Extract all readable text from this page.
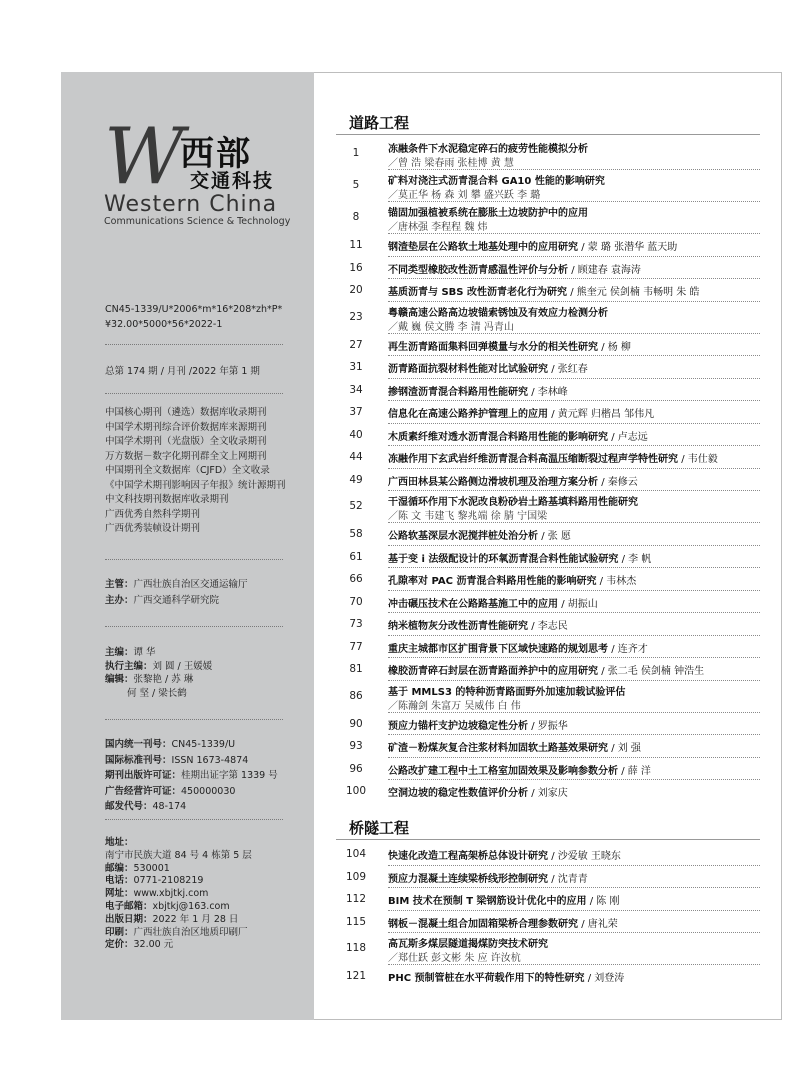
W
西部
交通科技
Western China
Communications Science & Technology
CN45-1339/U*2006*m*16*208*zh*P*
¥32.00*5000*56*2022-1
总第 174 期 / 月刊 /2022 年第 1 期
中国核心期刊（遴选）数据库收录期刊
中国学术期刊综合评价数据库来源期刊
中国学术期刊（光盘版）全文收录期刊
万方数据－数字化期刊群全文上网期刊
中国期刊全文数据库（CJFD）全文收录
《中国学术期刊影响因子年报》统计源期刊
中文科技期刊数据库收录期刊
广西优秀自然科学期刊
广西优秀装帧设计期刊
主管：广西壮族自治区交通运输厅
主办：广西交通科学研究院
主编：谭 华
执行主编：刘 圆 / 王媛媛
编辑：张黎艳 / 苏 琳
何 坚 / 梁长鹤
国内统一刊号：CN45-1339/U
国际标准刊号：ISSN 1673-4874
期刊出版许可证：桂期出证字第 1339 号
广告经营许可证：450000030
邮发代号：48-174
地址：
南宁市民族大道 84 号 4 栋第 5 层
邮编：530001
电话：0771-2108219
网址：www.xbjtkj.com
电子邮箱：xbjtkj@163.com
出版日期：2022 年 1 月 28 日
印刷：广西壮族自治区地质印刷厂
定价：32.00 元
道路工程
1	冻融条件下水泥稳定碎石的疲劳性能模拟分析
／曾 浩 梁春雨 张桂博 黄 慧
5	矿料对浇注式沥青混合料 GA10 性能的影响研究
／莫正华 杨 森 刘 攀 盛兴跃 李 璐
8	锚固加强植被系统在膨胀土边坡防护中的应用
／唐林强 李程程 魏 炜
11	钢渣垫层在公路软土地基处理中的应用研究 / 蒙 璐 张潜华 蓝天助
16	不同类型橡胶改性沥青感温性评价与分析 / 顾建春 袁海涛
20	基质沥青与 SBS 改性沥青老化行为研究 / 熊奎元 侯剑楠 韦畅明 朱 皓
23	粤赣高速公路高边坡锚索锈蚀及有效应力检测分析
／戴 巍 侯文腾 李 清 冯青山
27	再生沥青路面集料回弹模量与水分的相关性研究 / 杨 柳
31	沥青路面抗裂材料性能对比试验研究 / 张红春
34	掺钢渣沥青混合料路用性能研究 / 李林峰
37	信息化在高速公路养护管理上的应用 / 黄元辉 归楷昌 邹伟凡
40	木质素纤维对透水沥青混合料路用性能的影响研究 / 卢志远
44	冻融作用下玄武岩纤维沥青混合料高温压缩断裂过程声学特性研究 / 韦仕毅
49	广西田林县某公路侧边滑坡机理及治理方案分析 / 秦修云
52	干湿循环作用下水泥改良粉砂岩土路基填料路用性能研究
／陈 文 韦建飞 黎兆端 徐 腈 宁国梁
58	公路软基深层水泥搅拌桩处治分析 / 张 愿
61	基于变 i 法级配设计的环氧沥青混合料性能试验研究 / 李 帆
66	孔隙率对 PAC 沥青混合料路用性能的影响研究 / 韦林杰
70	冲击碾压技术在公路路基施工中的应用 / 胡振山
73	纳米植物灰分改性沥青性能研究 / 李志民
77	重庆主城都市区扩围背景下区域快速路的规划思考 / 连齐才
81	橡胶沥青碎石封层在沥青路面养护中的应用研究 / 张二毛 侯剑楠 钟浩生
86	基于 MMLS3 的特种沥青路面野外加速加载试验评估
／陈瀚剑 朱富万 吴威伟 白 伟
90	预应力锚杆支护边坡稳定性分析 / 罗振华
93	矿渣－粉煤灰复合注浆材料加固软土路基效果研究 / 刘 强
96	公路改扩建工程中土工格室加固效果及影响参数分析 / 薛 洋
100	空洞边坡的稳定性数值评价分析 / 刘家庆
桥隧工程
104	快速化改造工程高架桥总体设计研究 / 沙爱敏 王晓东
109	预应力混凝土连续梁桥线形控制研究 / 沈青青
112	BIM 技术在预制 T 梁钢筋设计优化中的应用 / 陈 刚
115	钢板－混凝土组合加固箱梁桥合理参数研究 / 唐礼荣
118	高瓦斯多煤层隧道揭煤防突技术研究
／郑仕跃 彭文彬 朱 应 许汝杭
121	PHC 预制管桩在水平荷载作用下的特性研究 / 刘登涛
